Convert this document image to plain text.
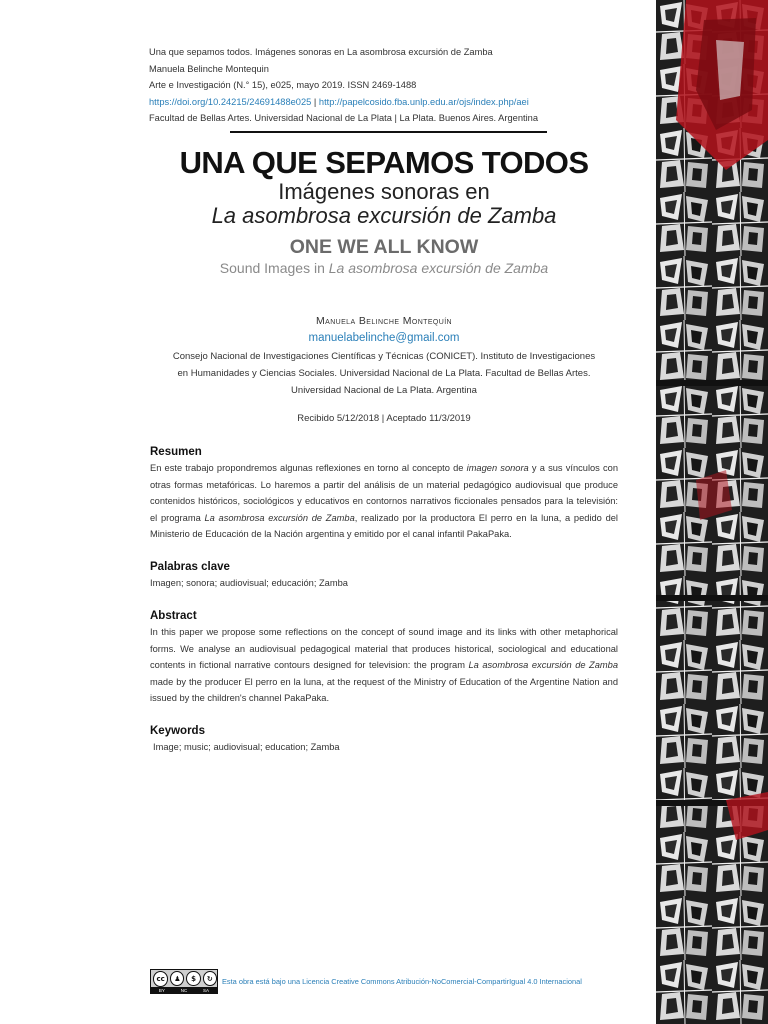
Una que sepamos todos. Imágenes sonoras en La asombrosa excursión de Zamba
Manuela Belinche Montequin
Arte e Investigación (N.° 15), e025, mayo 2019. ISSN 2469-1488
https://doi.org/10.24215/24691488e025 | http://papelcosido.fba.unlp.edu.ar/ojs/index.php/aei
Facultad de Bellas Artes. Universidad Nacional de La Plata | La Plata. Buenos Aires. Argentina
UNA QUE SEPAMOS TODOS
Imágenes sonoras en
La asombrosa excursión de Zamba
ONE WE ALL KNOW
Sound Images in La asombrosa excursión de Zamba
Manuela Belinche Montequín
manuelabelinche@gmail.com
Consejo Nacional de Investigaciones Científicas y Técnicas (CONICET). Instituto de Investigaciones
en Humanidades y Ciencias Sociales. Universidad Nacional de La Plata. Facultad de Bellas Artes.
Universidad Nacional de La Plata. Argentina
Recibido 5/12/2018 | Aceptado 11/3/2019
Resumen

En este trabajo propondremos algunas reflexiones en torno al concepto de imagen sonora y a sus vínculos con otras formas metafóricas. Lo haremos a partir del análisis de un material pedagógico audiovisual que produce contenidos históricos, sociológicos y educativos en contornos narrativos ficcionales pensados para la televisión: el programa La asombrosa excursión de Zamba, realizado por la productora El perro en la luna, a pedido del Ministerio de Educación de la Nación argentina y emitido por el canal infantil PakaPaka.

Palabras clave

Imagen; sonora; audiovisual; educación; Zamba

Abstract

In this paper we propose some reflections on the concept of sound image and its links with other metaphorical forms. We analyse an audiovisual pedagogical material that produces historical, sociological and educational contents in fictional narrative contours designed for television: the program La asombrosa excursión de Zamba made by the producer El perro en la luna, at the request of the Ministry of Education of the Argentine Nation and issued by the children's channel PakaPaka.

Keywords

Image; music; audiovisual; education; Zamba

cc	♟	$	↻
BY	NC	SA
Esta obra está bajo una Licencia Creative Commons Atribución-NoComercial-CompartirIgual 4.0 Internacional
